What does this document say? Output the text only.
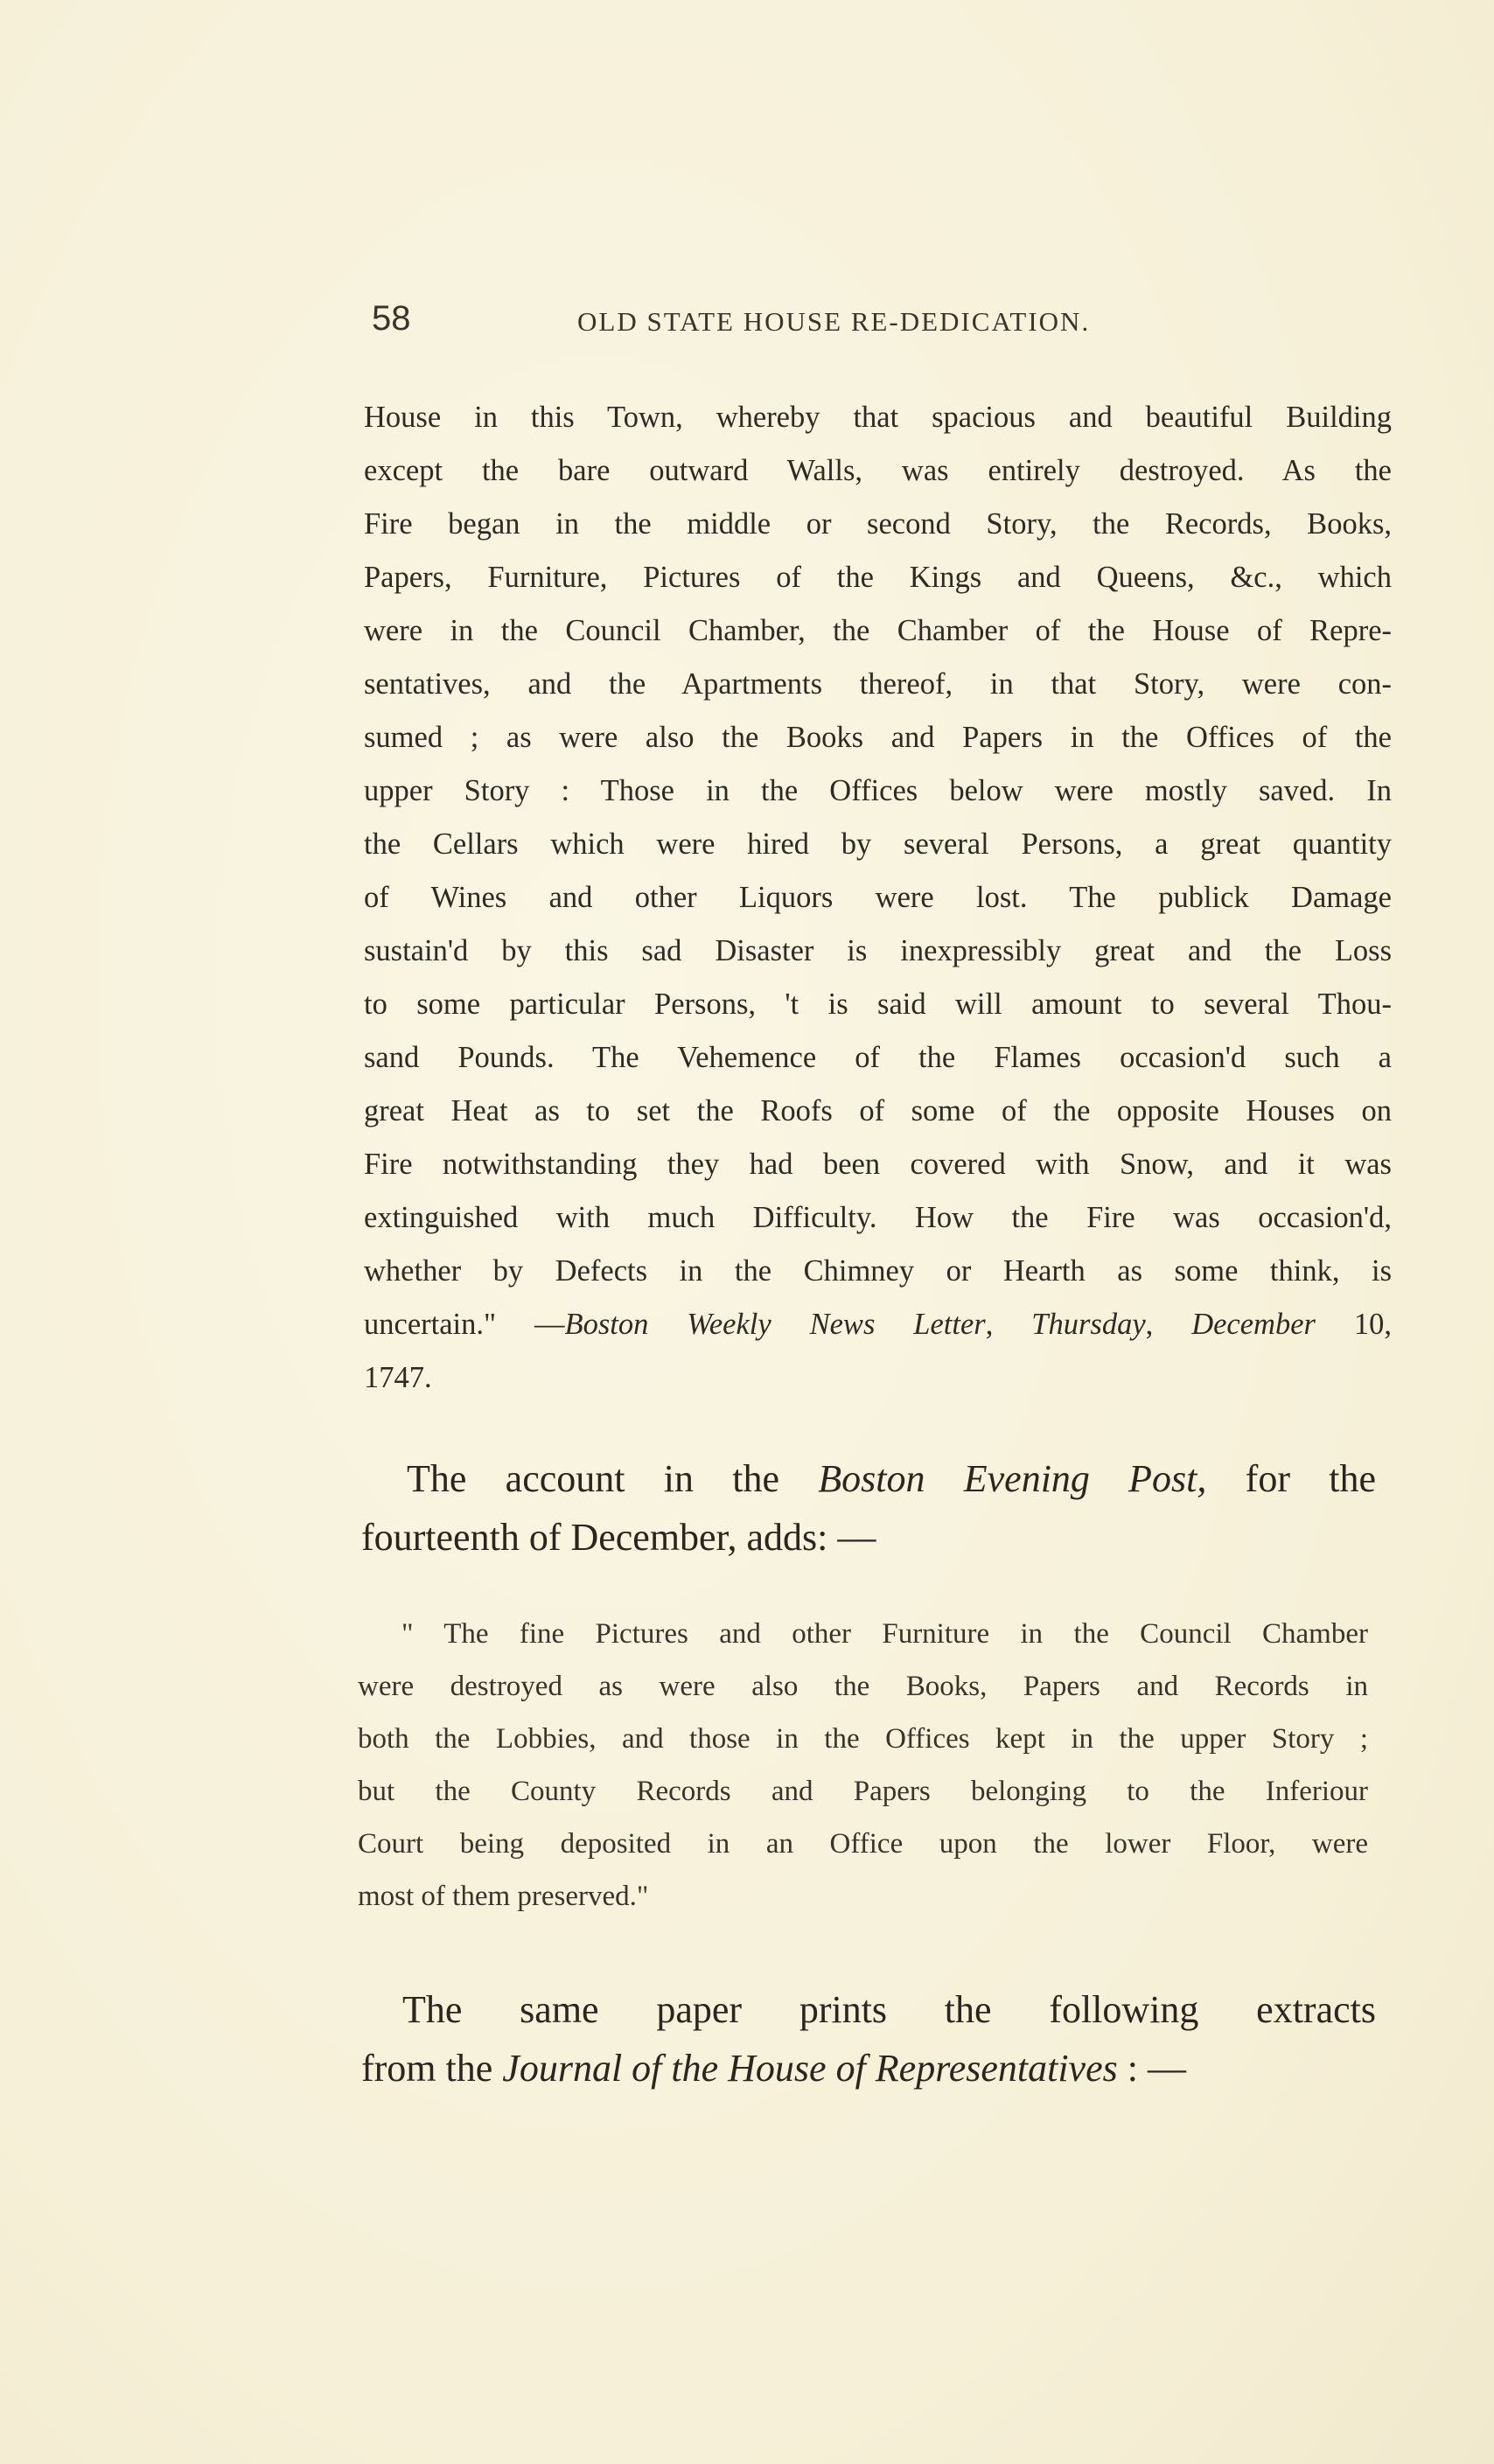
58	OLD STATE HOUSE RE-DEDICATION.
House in this Town, whereby that spacious and beautiful Building
except the bare outward Walls, was entirely destroyed. As the
Fire began in the middle or second Story, the Records, Books,
Papers, Furniture, Pictures of the Kings and Queens, &c., which
were in the Council Chamber, the Chamber of the House of Repre-
sentatives, and the Apartments thereof, in that Story, were con-
sumed ; as were also the Books and Papers in the Offices of the
upper Story : Those in the Offices below were mostly saved. In
the Cellars which were hired by several Persons, a great quantity
of Wines and other Liquors were lost. The publick Damage
sustain'd by this sad Disaster is inexpressibly great and the Loss
to some particular Persons, 't is said will amount to several Thou-
sand Pounds. The Vehemence of the Flames occasion'd such a
great Heat as to set the Roofs of some of the opposite Houses on
Fire notwithstanding they had been covered with Snow, and it was
extinguished with much Difficulty. How the Fire was occasion'd,
whether by Defects in the Chimney or Hearth as some think, is
uncertain." —Boston Weekly News Letter, Thursday, December 10,
1747.
The account in the Boston Evening Post, for the
fourteenth of December, adds: —
" The fine Pictures and other Furniture in the Council Chamber
were destroyed as were also the Books, Papers and Records in
both the Lobbies, and those in the Offices kept in the upper Story ;
but the County Records and Papers belonging to the Inferiour
Court being deposited in an Office upon the lower Floor, were
most of them preserved."
The same paper prints the following extracts
from the Journal of the House of Representatives : —
